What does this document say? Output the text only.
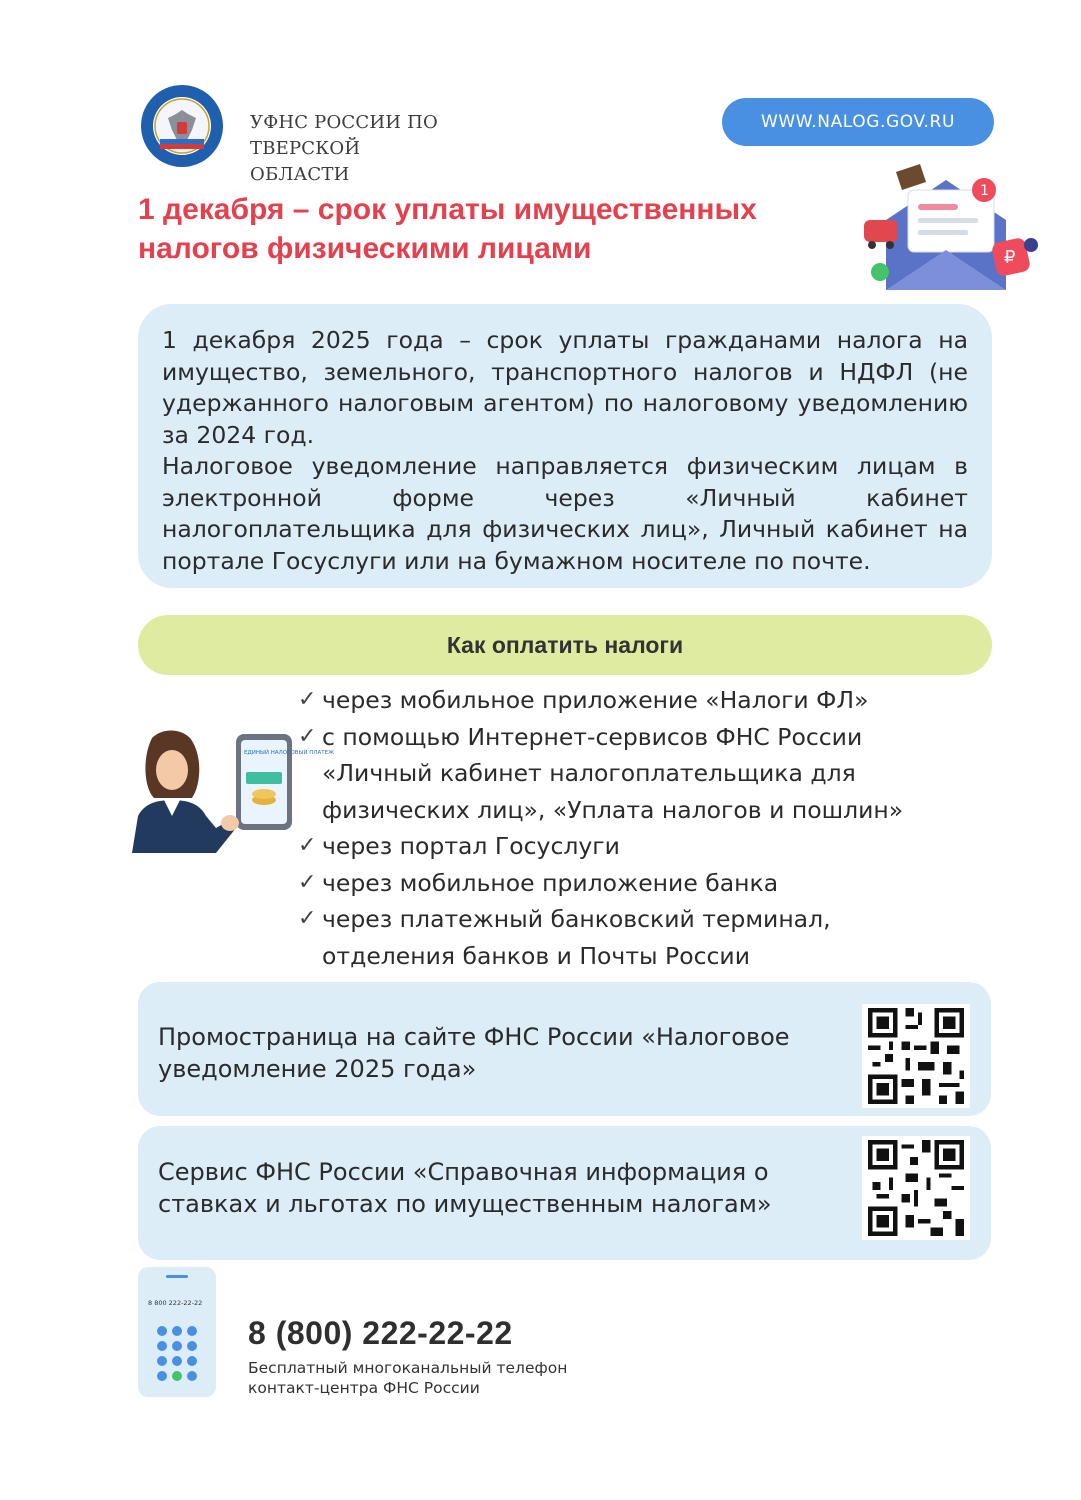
УФНС РОССИИ ПО ТВЕРСКОЙ
ОБЛАСТИ
WWW.NALOG.GOV.RU
1 декабря – срок уплаты имущественных
налогов физическими лицами
1
₽

1 декабря 2025 года – срок уплаты гражданами налога на имущество, земельного, транспортного налогов и НДФЛ (не удержанного налоговым агентом) по налоговому уведомлению за 2024 год.

Налоговое уведомление направляется физическим лицам в электронной форме через «Личный кабинет налогоплательщика для физических лиц», Личный кабинет на портале Госуслуги или на бумажном носителе по почте.

Как оплатить налоги
ЕДИНЫЙ НАЛОГОВЫЙ ПЛАТЕЖ
✓ через мобильное приложение «Налоги ФЛ»
✓ с помощью Интернет-сервисов ФНС России «Личный кабинет налогоплательщика для физических лиц», «Уплата налогов и пошлин»
✓ через портал Госуслуги
✓ через мобильное приложение банка
✓ через платежный банковский терминал, отделения банков и Почты России
Промостраница на сайте ФНС России «Налоговое уведомление 2025 года»
Сервис ФНС России «Справочная информация о ставках и льготах по имущественным налогам»
8 800 222-22-22
8 (800) 222-22-22
Бесплатный многоканальный телефон
контакт-центра ФНС России
